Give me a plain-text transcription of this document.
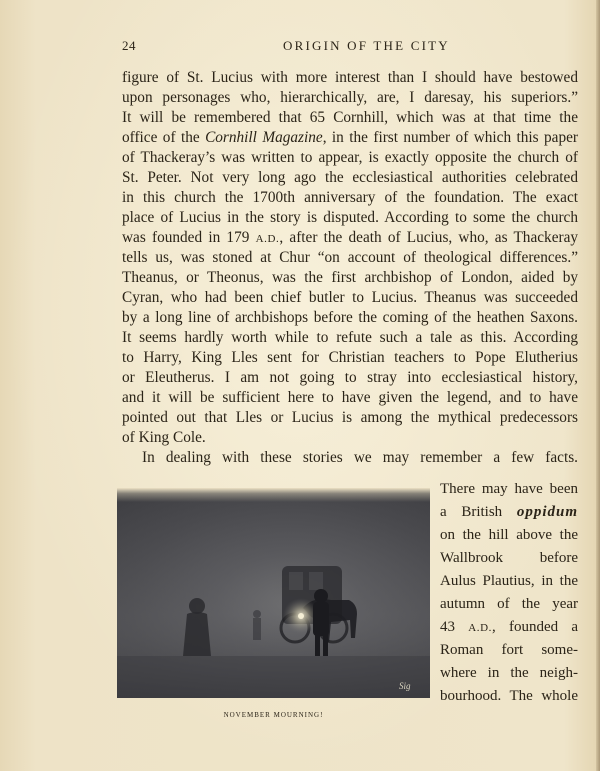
24	ORIGIN OF THE CITY
figure of St. Lucius with more interest than I should have bestowed
upon personages who, hierarchically, are, I daresay, his superiors.”
It will be remembered that 65 Cornhill, which was at that time the
office of the Cornhill Magazine, in the first number of which this paper
of Thackeray’s was written to appear, is exactly opposite the church of
St. Peter. Not very long ago the ecclesiastical authorities celebrated
in this church the 1700th anniversary of the foundation. The exact
place of Lucius in the story is disputed. According to some the church
was founded in 179 A.D., after the death of Lucius, who, as Thackeray
tells us, was stoned at Chur “on account of theological differences.”
Theanus, or Theonus, was the first archbishop of London, aided by
Cyran, who had been chief butler to Lucius. Theanus was succeeded
by a long line of archbishops before the coming of the heathen Saxons.
It seems hardly worth while to refute such a tale as this. According
to Harry, King Lles sent for Christian teachers to Pope Elutherius
or Eleutherus. I am not going to stray into ecclesiastical history,
and it will be sufficient here to have given the legend, and to have
pointed out that Lles or Lucius is among the mythical predecessors
of King Cole.
In dealing with these stories we may remember a few facts.
Sig
NOVEMBER MOURNING!
There may have been
a British oppidum
on the hill above the
Wallbrook before
Aulus Plautius, in the
autumn of the year
43 A.D., founded a
Roman fort some-
where in the neigh-
bourhood. The whole
